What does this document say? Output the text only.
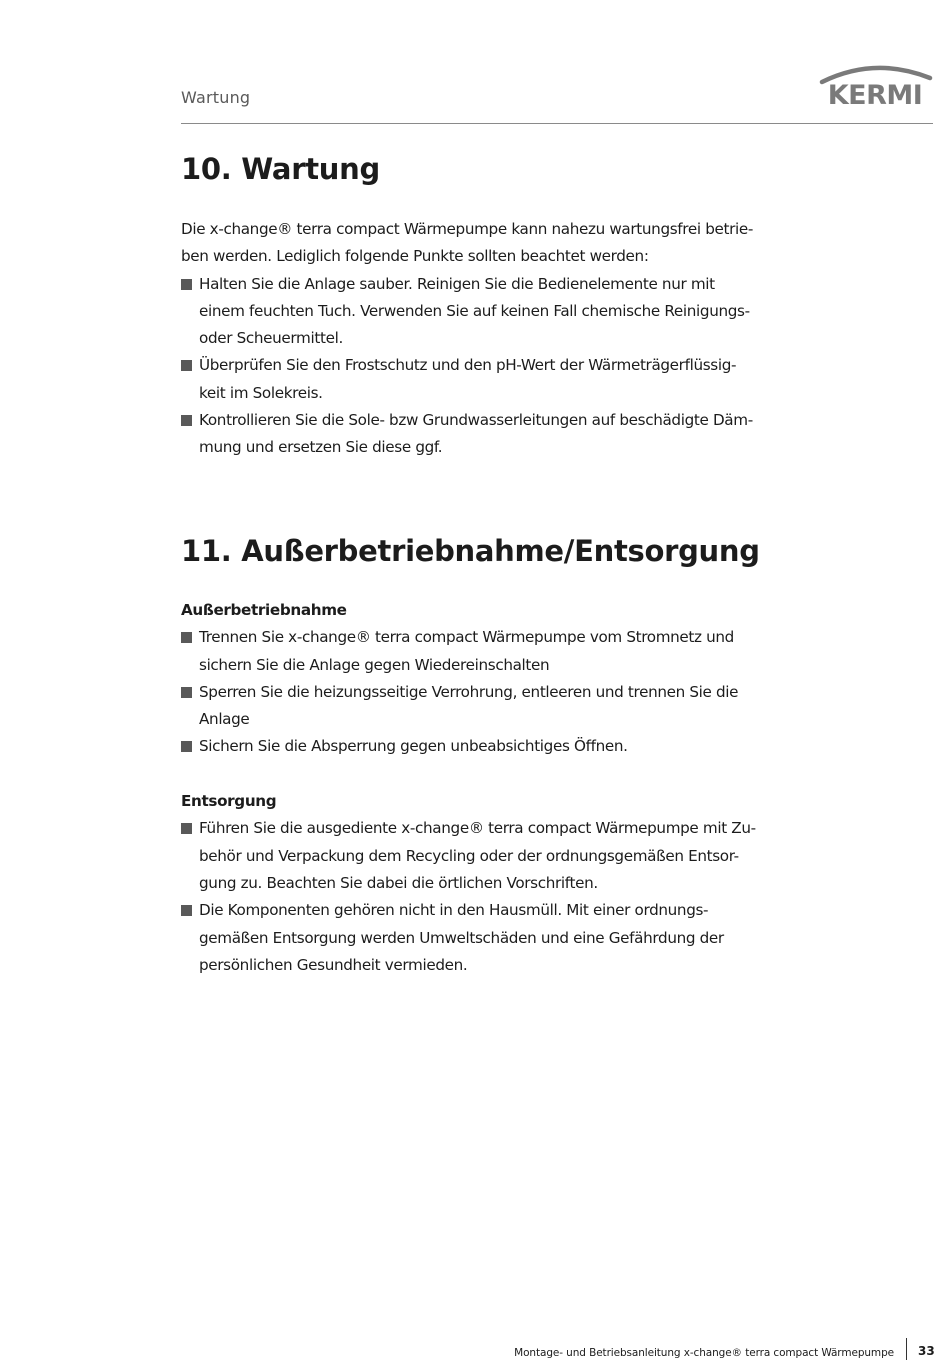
Wartung	KERMI
10. Wartung
Die x-change® terra compact Wärmepumpe kann nahezu wartungsfrei betrie-
ben werden. Lediglich folgende Punkte sollten beachtet werden:
Halten Sie die Anlage sauber. Reinigen Sie die Bedienelemente nur mit
einem feuchten Tuch. Verwenden Sie auf keinen Fall chemische Reinigungs-
oder Scheuermittel.
Überprüfen Sie den Frostschutz und den pH-Wert der Wärmeträgerflüssig-
keit im Solekreis.
Kontrollieren Sie die Sole- bzw Grundwasserleitungen auf beschädigte Däm-
mung und ersetzen Sie diese ggf.
11. Außerbetriebnahme/Entsorgung
Außerbetriebnahme
Trennen Sie x-change® terra compact Wärmepumpe vom Stromnetz und
sichern Sie die Anlage gegen Wiedereinschalten
Sperren Sie die heizungsseitige Verrohrung, entleeren und trennen Sie die
Anlage
Sichern Sie die Absperrung gegen unbeabsichtiges Öffnen.
Entsorgung
Führen Sie die ausgediente x-change® terra compact Wärmepumpe mit Zu-
behör und Verpackung dem Recycling oder der ordnungsgemäßen Entsor-
gung zu. Beachten Sie dabei die örtlichen Vorschriften.
Die Komponenten gehören nicht in den Hausmüll. Mit einer ordnungs-
gemäßen Entsorgung werden Umweltschäden und eine Gefährdung der
persönlichen Gesundheit vermieden.
Montage- und Betriebsanleitung x-change® terra compact Wärmepumpe 33
